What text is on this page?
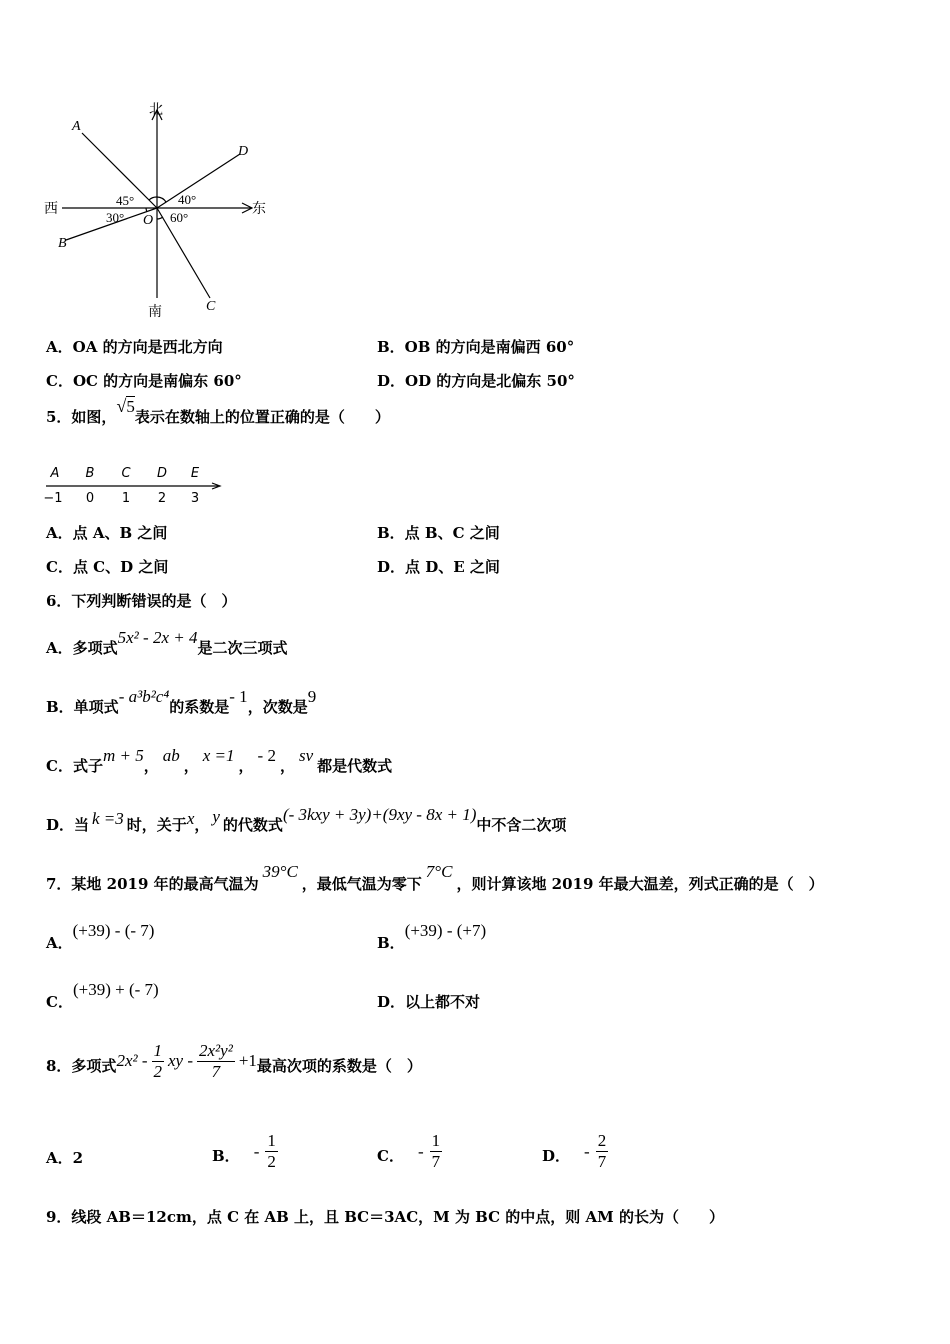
北
南
西	东
A
B
C
D
O
45°	40°
30°	60°
A．OA 的方向是西北方向	B．OB 的方向是南偏西 60°
C．OC 的方向是南偏东 60°	D．OD 的方向是北偏东 50°
5．如图，√5表示在数轴上的位置正确的是（　　）
A B C D E
−1 0 1 2 3
A．点 A、B 之间	B．点 B、C 之间
C．点 C、D 之间	D．点 D、E 之间
6．下列判断错误的是（　）
A．多项式5x² - 2x + 4是二次三项式
B．单项式- a³b²c⁴的系数是- 1，次数是9
C．式子m + 5，ab，x =1，- 2，sv都是代数式
D．当 k =3 时，关于x， y 的代数式(- 3kxy + 3y)+(9xy - 8x + 1)中不含二次项
7．某地 2019 年的最高气温为39°C，最低气温为零下7°C，则计算该地 2019 年最大温差，列式正确的是（　）
A．(+39) - (- 7)
B．(+39) - (+7)
C．(+39) + (- 7)
D．以上都不对
8．多项式 $2x^2 - \frac{1}{2}$ xy - $\frac{\text{2x²y²}}{7} +1$ 最高次项的系数是（　）
A．2	B． - $\frac{1}{2}$	C． - $\frac{1}{7}$	D． - $\frac{2}{7}$
9．线段 AB＝12cm，点 C 在 AB 上，且 BC＝3AC，M 为 BC 的中点，则 AM 的长为（　　）
